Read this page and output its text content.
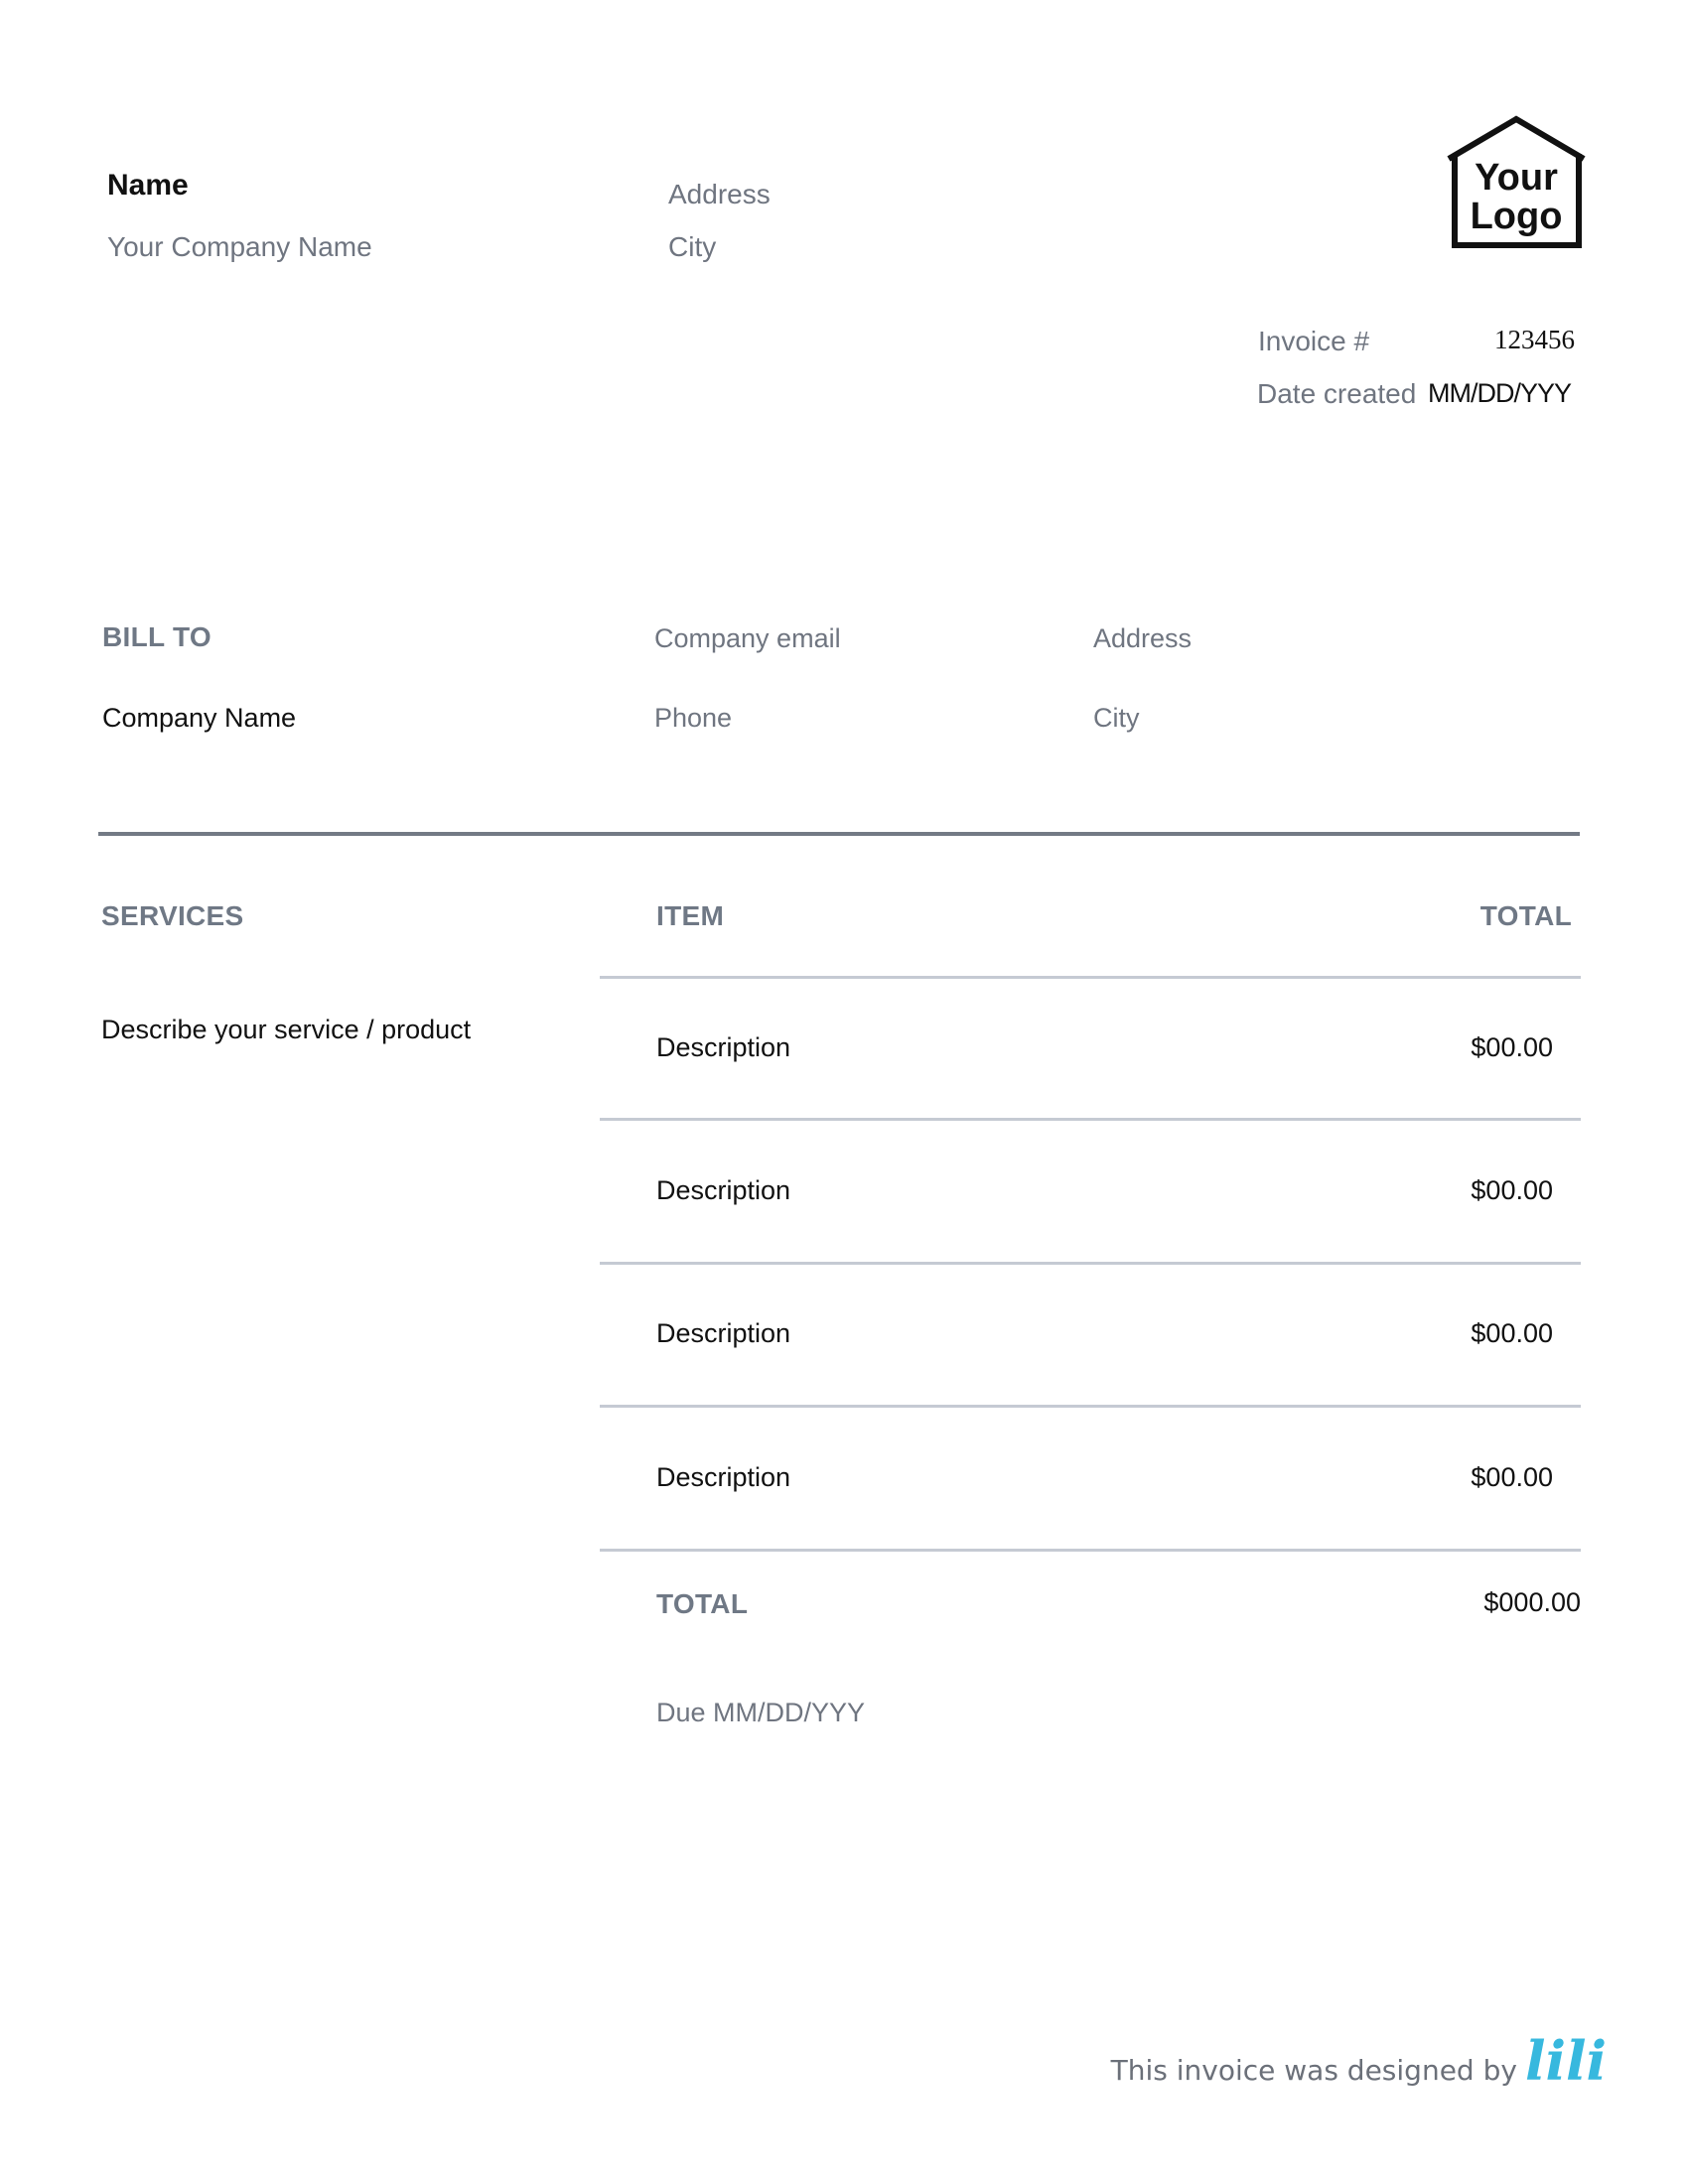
Name
Your Company Name
Address
City
Your
Logo
Invoice #	123456
Date created MM/DD/YYY
BILL TO
Company Name
Company email
Phone
Address
City
SERVICES	ITEM	TOTAL
Describe your service / product
Description	$00.00
Description	$00.00
Description	$00.00
Description	$00.00
TOTAL	$000.00
Due MM/DD/YYY
This invoice was designed by lili
